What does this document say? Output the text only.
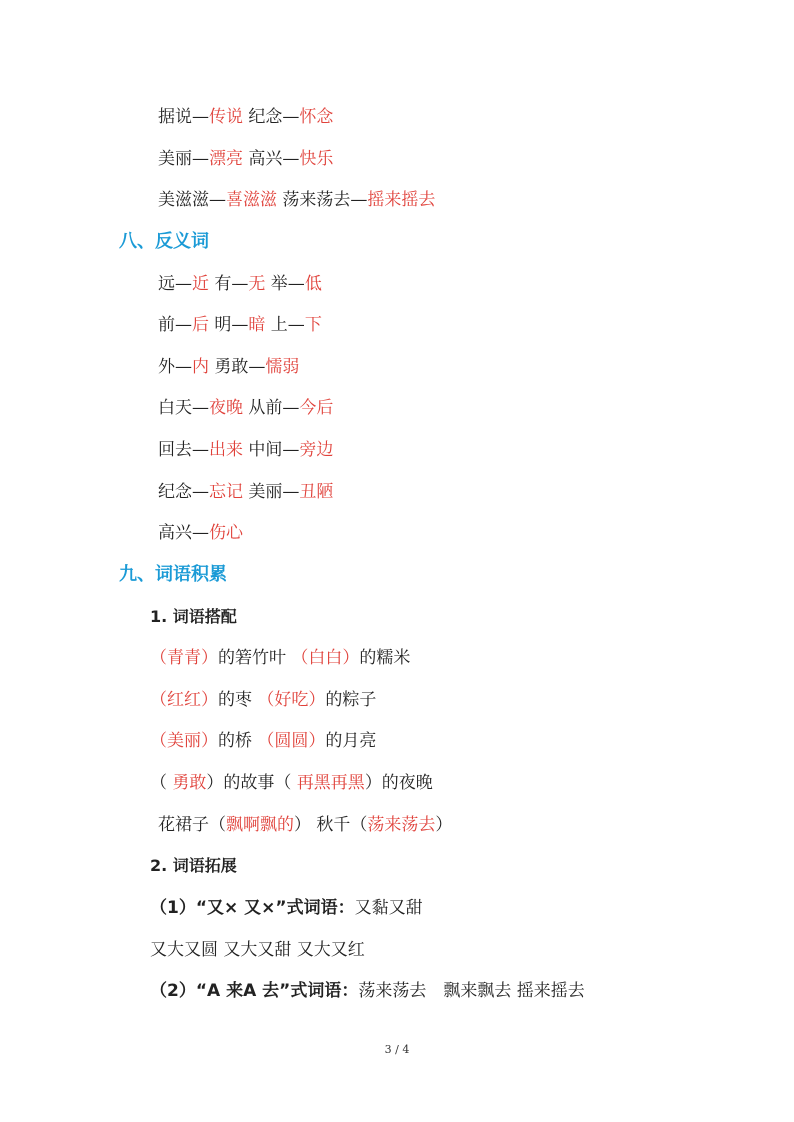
据说—传说 纪念—怀念
美丽—漂亮 高兴—快乐
美滋滋—喜滋滋 荡来荡去—摇来摇去
八、反义词
远—近 有—无 举—低
前—后 明—暗 上—下
外—内 勇敢—懦弱
白天—夜晚 从前—今后
回去—出来 中间—旁边
纪念—忘记 美丽—丑陋
高兴—伤心
九、词语积累
1. 词语搭配
（青青）的箬竹叶 （白白）的糯米
（红红）的枣 （好吃）的粽子
（美丽）的桥 （圆圆）的月亮
（ 勇敢）的故事（ 再黑再黑）的夜晚
花裙子（飘啊飘的） 秋千（荡来荡去）
2. 词语拓展
（1）“又× 又×”式词语：又黏又甜
又大又圆 又大又甜 又大又红
（2）“A 来A 去”式词语：荡来荡去　飘来飘去 摇来摇去
3 / 4
